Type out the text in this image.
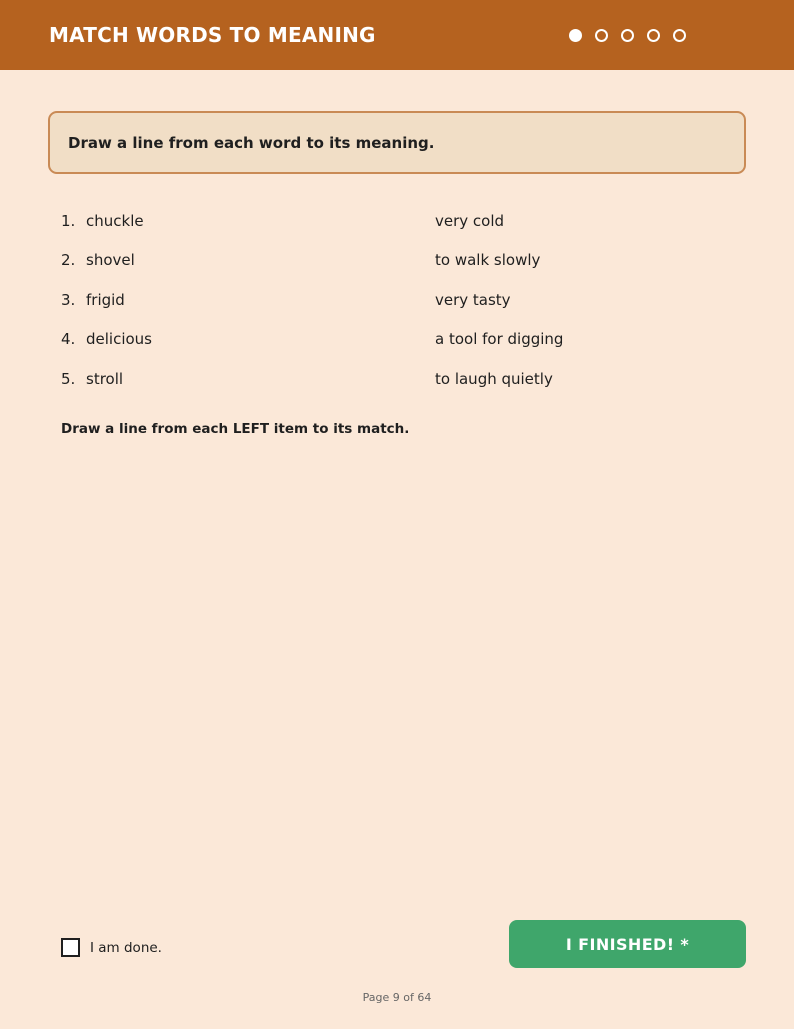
MATCH WORDS TO MEANING
Draw a line from each word to its meaning.
1. chuckle	very cold
2. shovel	to walk slowly
3. frigid	very tasty
4. delicious	a tool for digging
5. stroll	to laugh quietly
Draw a line from each LEFT item to its match.
I am done.	I FINISHED! *
Page 9 of 64
